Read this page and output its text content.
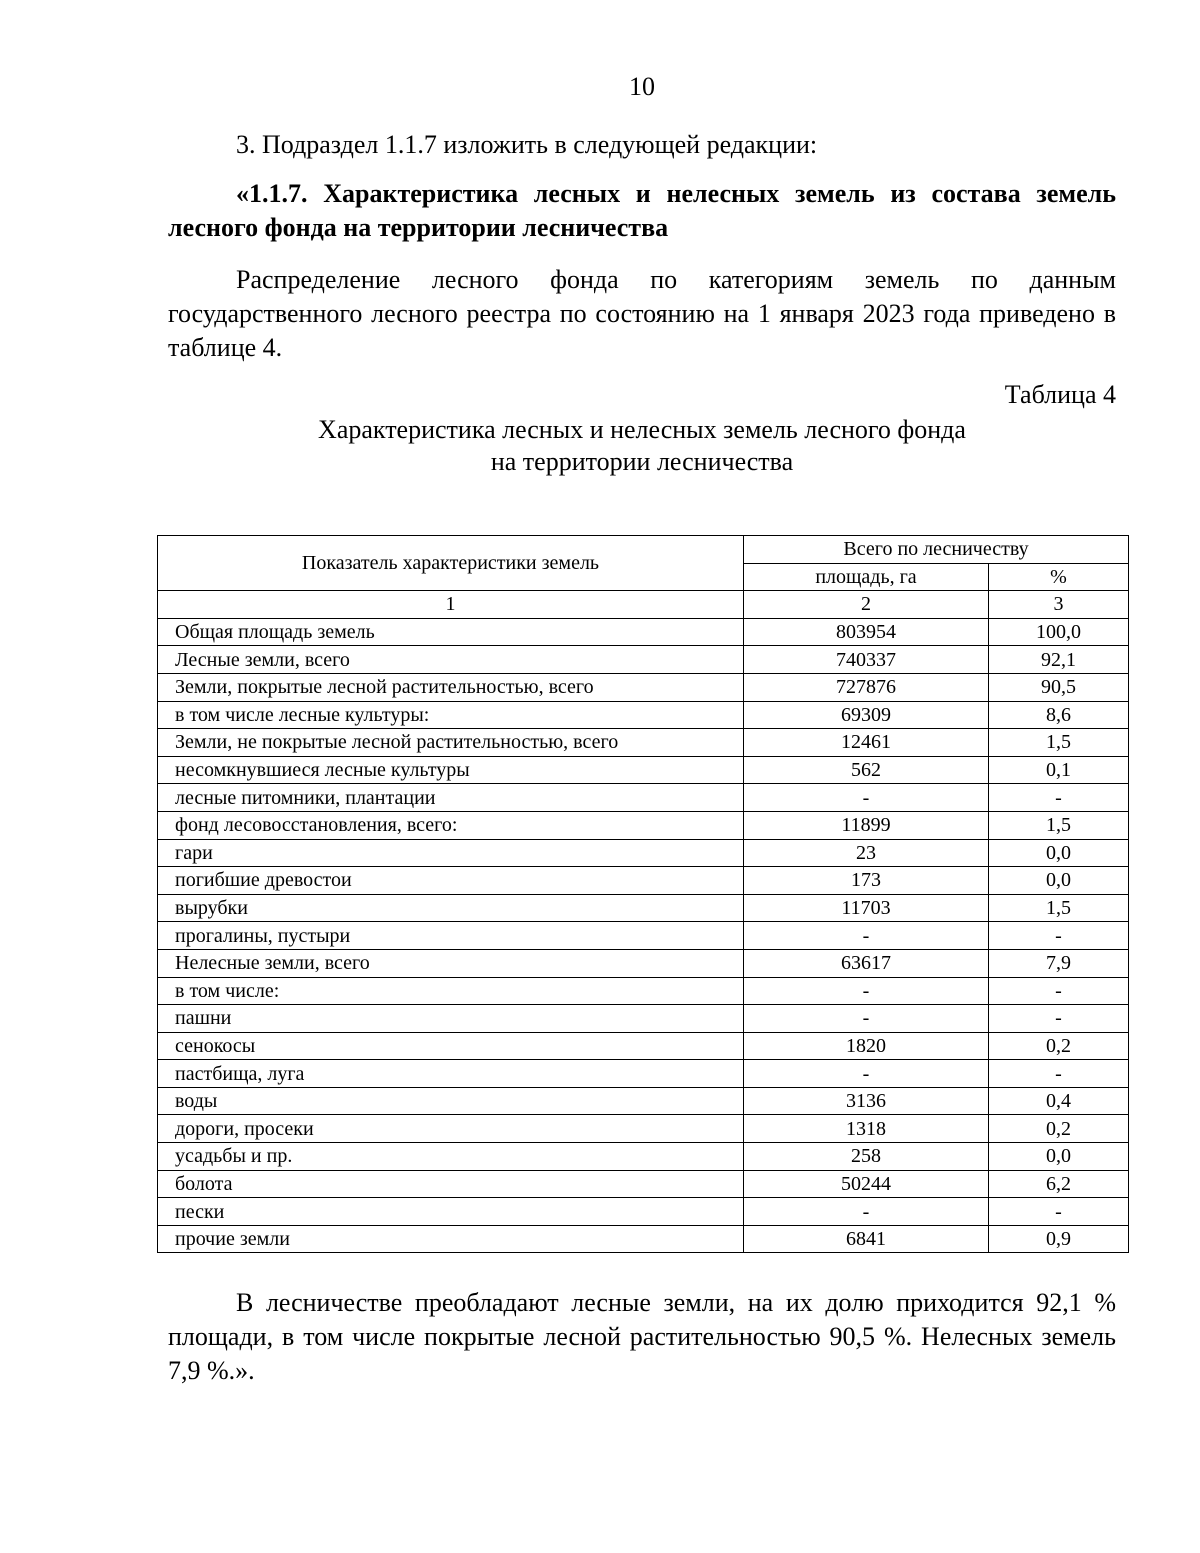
10
3. Подраздел 1.1.7 изложить в следующей редакции:
«1.1.7. Характеристика лесных и нелесных земель из состава земель лесного фонда на территории лесничества
Распределение лесного фонда по категориям земель по данным государственного лесного реестра по состоянию на 1 января 2023 года приведено в таблице 4.
Таблица 4
Характеристика лесных и нелесных земель лесного фонда
на территории лесничества
Показатель характеристики земель	Всего по лесничеству	
	площадь, га	%
1	2	3
Общая площадь земель	803954	100,0
Лесные земли, всего	740337	92,1
Земли, покрытые лесной растительностью, всего	727876	90,5
в том числе лесные культуры:	69309	8,6
Земли, не покрытые лесной растительностью, всего	12461	1,5
несомкнувшиеся лесные культуры	562	0,1
лесные питомники, плантации	-	-
фонд лесовосстановления, всего:	11899	1,5
гари	23	0,0
погибшие древостои	173	0,0
вырубки	11703	1,5
прогалины, пустыри	-	-
Нелесные земли, всего	63617	7,9
в том числе:	-	-
пашни	-	-
сенокосы	1820	0,2
пастбища, луга	-	-
воды	3136	0,4
дороги, просеки	1318	0,2
усадьбы и пр.	258	0,0
болота	50244	6,2
пески	-	-
прочие земли	6841	0,9
В лесничестве преобладают лесные земли, на их долю приходится 92,1 % площади, в том числе покрытые лесной растительностью 90,5 %. Нелесных земель 7,9 %.».
